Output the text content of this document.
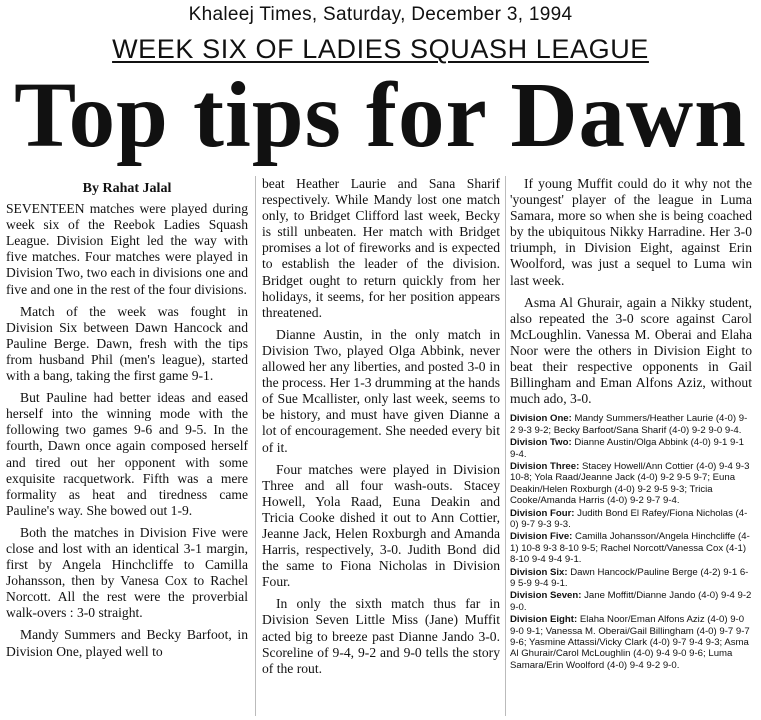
Khaleej Times, Saturday, December 3, 1994
WEEK SIX OF LADIES SQUASH LEAGUE
Top tips for Dawn
By Rahat Jalal

SEVENTEEN matches were played during week six of the Reebok Ladies Squash League. Division Eight led the way with five matches. Four matches were played in Division Two, two each in divisions one and five and one in the rest of the four divisions.

Match of the week was fought in Division Six between Dawn Hancock and Pauline Berge. Dawn, fresh with the tips from husband Phil (men's league), started with a bang, taking the first game 9-1.

But Pauline had better ideas and eased herself into the winning mode with the following two games 9-6 and 9-5. In the fourth, Dawn once again composed herself and tired out her opponent with some exquisite racquetwork. Fifth was a mere formality as heat and tiredness came Pauline's way. She bowed out 1-9.

Both the matches in Division Five were close and lost with an identical 3-1 margin, first by Angela Hinchcliffe to Camilla Johansson, then by Vanesa Cox to Rachel Norcott. All the rest were the proverbial walk-overs : 3-0 straight.

Mandy Summers and Becky Barfoot, in Division One, played well to

beat Heather Laurie and Sana Sharif respectively. While Mandy lost one match only, to Bridget Clifford last week, Becky is still unbeaten. Her match with Bridget promises a lot of fireworks and is expected to establish the leader of the division. Bridget ought to return quickly from her holidays, it seems, for her position appears threatened.

Dianne Austin, in the only match in Division Two, played Olga Abbink, never allowed her any liberties, and posted 3-0 in the process. Her 1-3 drumming at the hands of Sue Mcallister, only last week, seems to be history, and must have given Dianne a lot of encouragement. She needed every bit of it.

Four matches were played in Division Three and all four wash-outs. Stacey Howell, Yola Raad, Euna Deakin and Tricia Cooke dished it out to Ann Cottier, Jeanne Jack, Helen Roxburgh and Amanda Harris, respectively, 3-0. Judith Bond did the same to Fiona Nicholas in Division Four.

In only the sixth match thus far in Division Seven Little Miss (Jane) Muffit acted big to breeze past Dianne Jando 3-0. Scoreline of 9-4, 9-2 and 9-0 tells the story of the rout.

If young Muffit could do it why not the 'youngest' player of the league in Luma Samara, more so when she is being coached by the ubiquitous Nikky Harradine. Her 3-0 triumph, in Division Eight, against Erin Woolford, was just a sequel to Luma win last week.

Asma Al Ghurair, again a Nikky student, also repeated the 3-0 score against Carol McLoughlin. Vanessa M. Oberai and Elaha Noor were the others in Division Eight to beat their respective opponents in Gail Billingham and Eman Alfons Aziz, without much ado, 3-0.

Division One: Mandy Summers/Heather Laurie (4-0) 9-2 9-3 9-2; Becky Barfoot/Sana Sharif (4-0) 9-2 9-0 9-4.

Division Two: Dianne Austin/Olga Abbink (4-0) 9-1 9-1 9-4.

Division Three: Stacey Howell/Ann Cottier (4-0) 9-4 9-3 10-8; Yola Raad/Jeanne Jack (4-0) 9-2 9-5 9-7; Euna Deakin/Helen Roxburgh (4-0) 9-2 9-5 9-3; Tricia Cooke/Amanda Harris (4-0) 9-2 9-7 9-4.

Division Four: Judith Bond El Rafey/Fiona Nicholas (4-0) 9-7 9-3 9-3.

Division Five: Camilla Johansson/Angela Hinchcliffe (4-1) 10-8 9-3 8-10 9-5; Rachel Norcott/Vanessa Cox (4-1) 8-10 9-4 9-4 9-1.

Division Six: Dawn Hancock/Pauline Berge (4-2) 9-1 6-9 5-9 9-4 9-1.

Division Seven: Jane Moffitt/Dianne Jando (4-0) 9-4 9-2 9-0.

Division Eight: Elaha Noor/Eman Alfons Aziz (4-0) 9-0 9-0 9-1; Vanessa M. Oberai/Gail Billingham (4-0) 9-7 9-7 9-6; Yasmine Attassi/Vicky Clark (4-0) 9-7 9-4 9-3; Asma Al Ghurair/Carol McLoughlin (4-0) 9-4 9-0 9-6; Luma Samara/Erin Woolford (4-0) 9-4 9-2 9-0.
